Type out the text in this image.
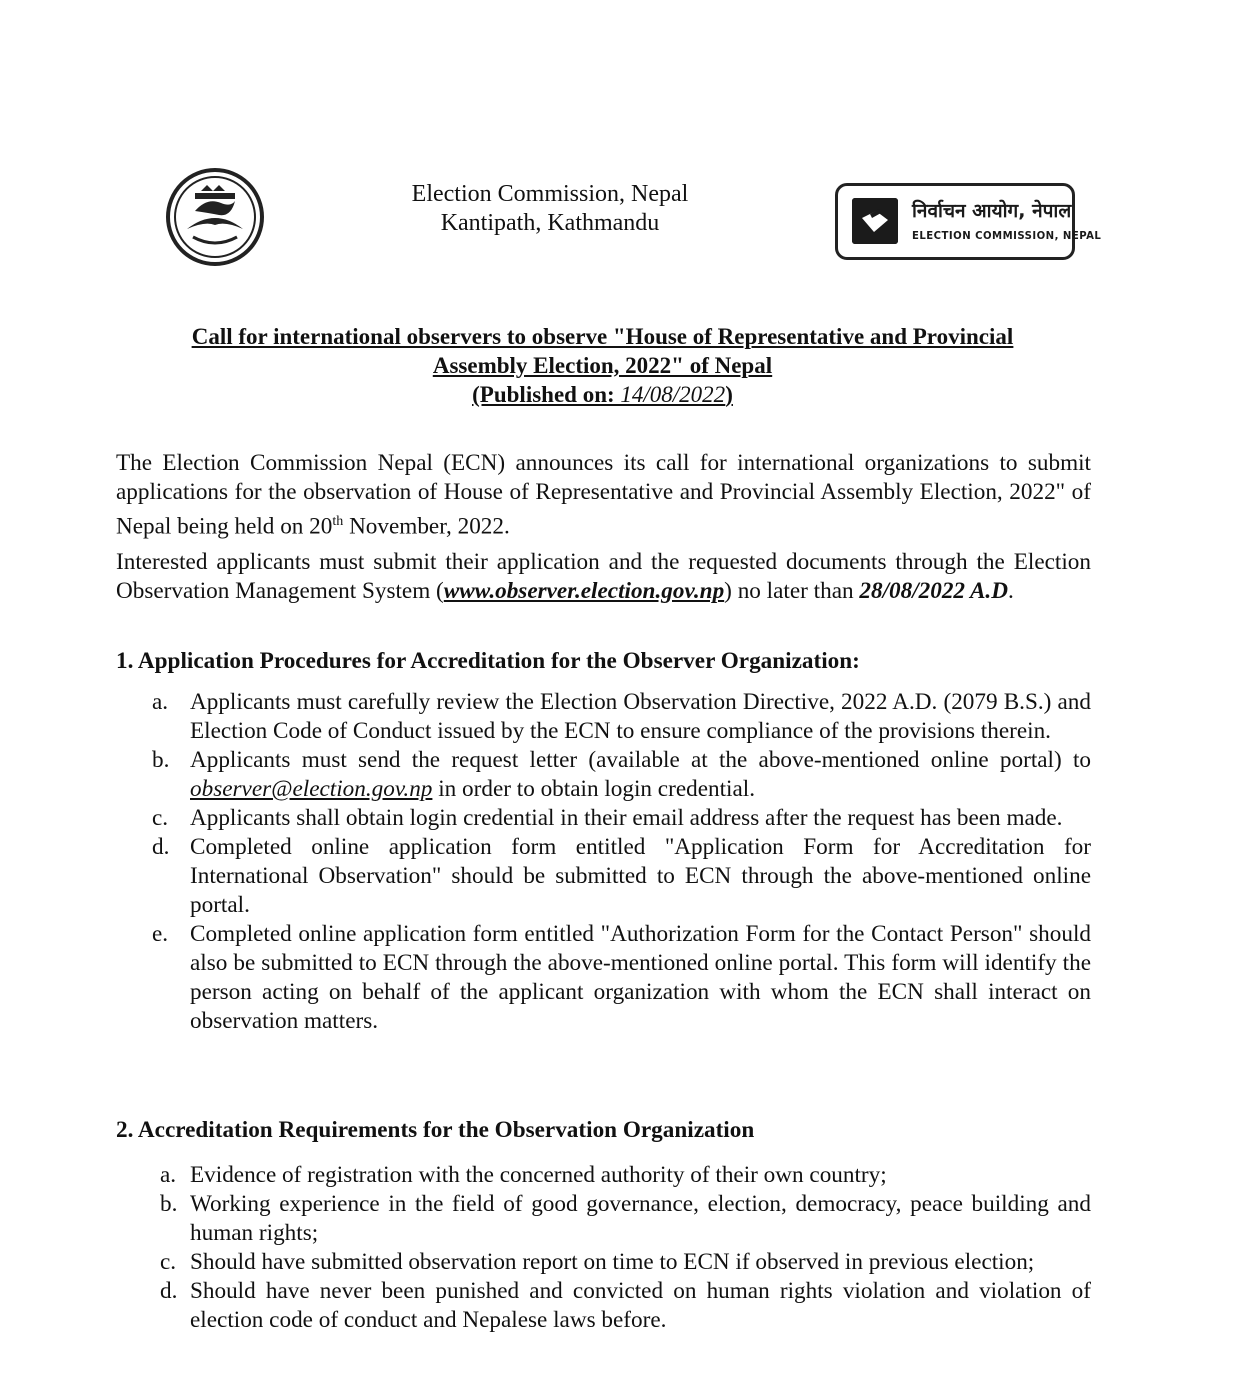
Election Commission, Nepal
Kantipath, Kathmandu	निर्वाचन आयोग, नेपाल
ELECTION COMMISSION, NEPAL
Call for international observers to observe "House of Representative and Provincial
Assembly Election, 2022" of Nepal
(Published on: 14/08/2022)

The Election Commission Nepal (ECN) announces its call for international organizations to submit applications for the observation of House of Representative and Provincial Assembly Election, 2022" of Nepal being held on 20th November, 2022.

Interested applicants must submit their application and the requested documents through the Election Observation Management System (www.observer.election.gov.np) no later than 28/08/2022 A.D.

1. Application Procedures for Accreditation for the Observer Organization:

a. Applicants must carefully review the Election Observation Directive, 2022 A.D. (2079 B.S.) and Election Code of Conduct issued by the ECN to ensure compliance of the provisions therein.
b. Applicants must send the request letter (available at the above-mentioned online portal) to observer@election.gov.np in order to obtain login credential.
c. Applicants shall obtain login credential in their email address after the request has been made.
d. Completed online application form entitled "Application Form for Accreditation for International Observation" should be submitted to ECN through the above-mentioned online portal.
e. Completed online application form entitled "Authorization Form for the Contact Person" should also be submitted to ECN through the above-mentioned online portal. This form will identify the person acting on behalf of the applicant organization with whom the ECN shall interact on observation matters.

2. Accreditation Requirements for the Observation Organization

a. Evidence of registration with the concerned authority of their own country;
b. Working experience in the field of good governance, election, democracy, peace building and human rights;
c. Should have submitted observation report on time to ECN if observed in previous election;
d. Should have never been punished and convicted on human rights violation and violation of election code of conduct and Nepalese laws before.
